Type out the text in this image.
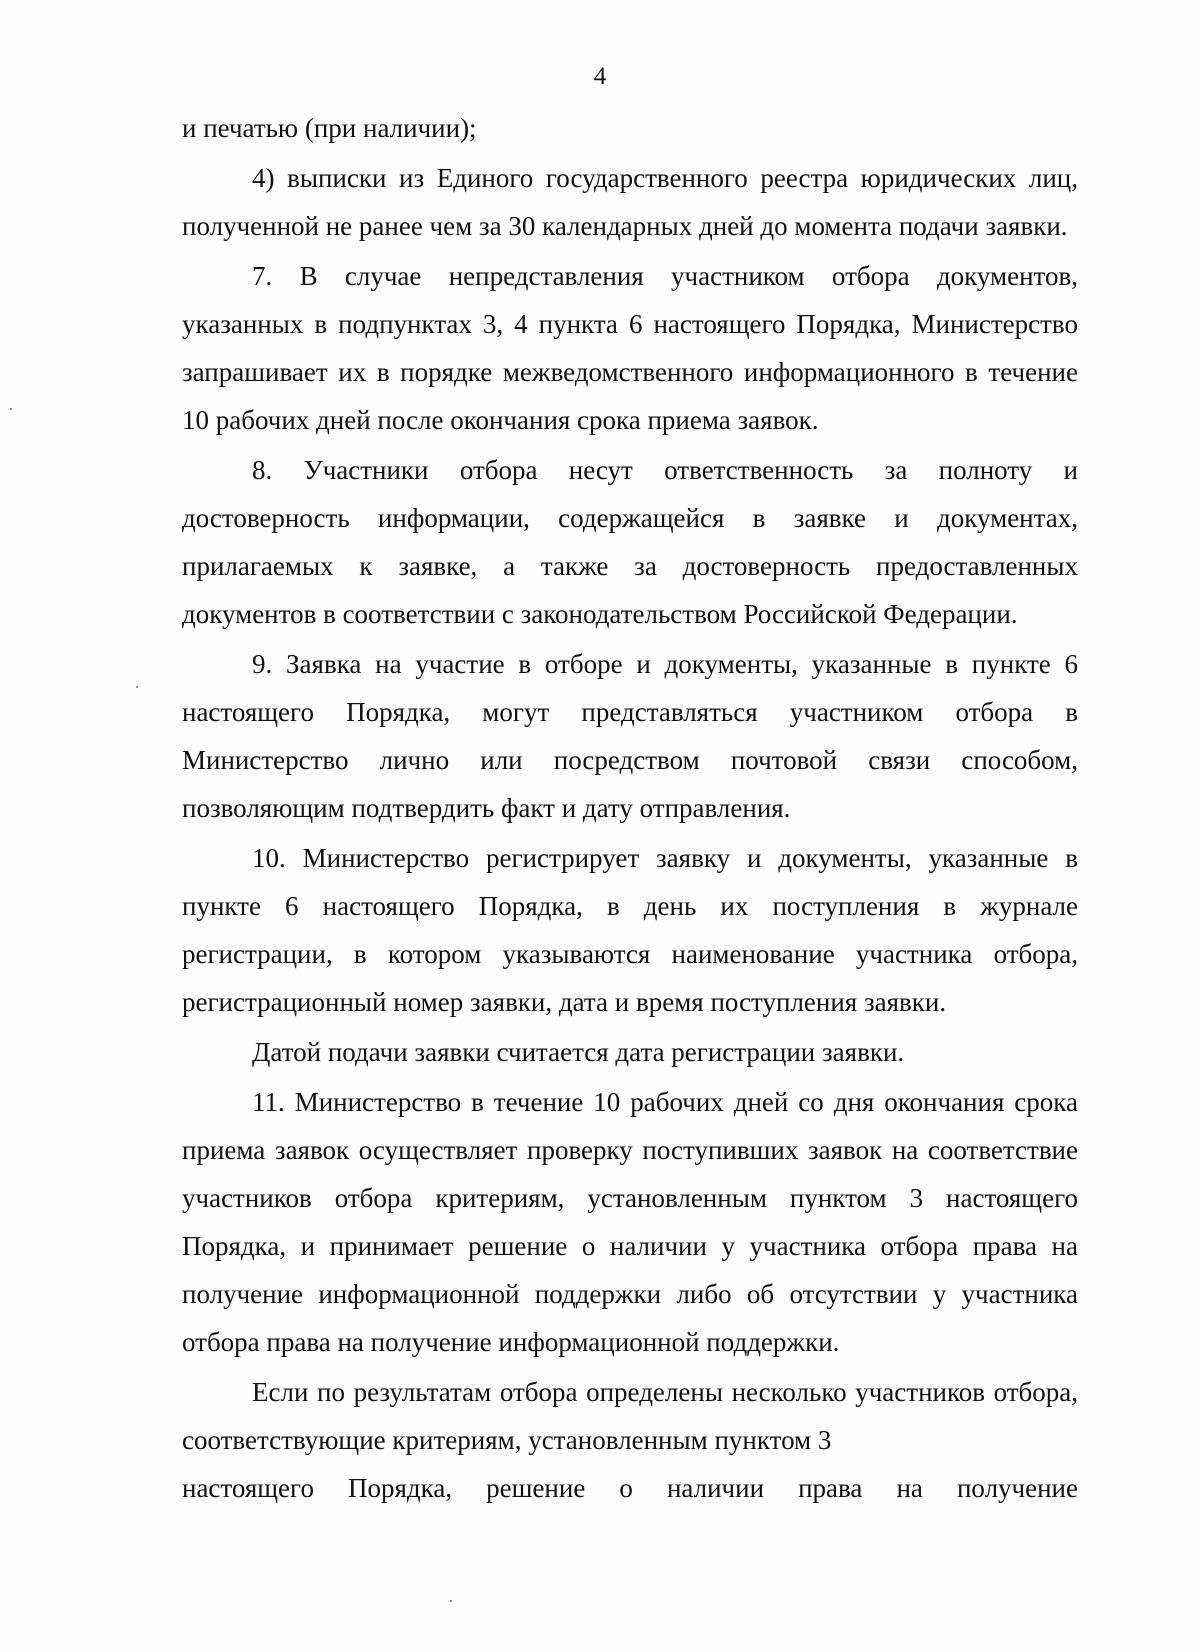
4

и печатью (при наличии);

4) выписки из Единого государственного реестра юридических лиц, полученной не ранее чем за 30 календарных дней до момента подачи заявки.

7. В случае непредставления участником отбора документов, указанных в подпунктах 3, 4 пункта 6 настоящего Порядка, Министерство запрашивает их в порядке межведомственного информационного в течение 10 рабочих дней после окончания срока приема заявок.

8. Участники отбора несут ответственность за полноту и достоверность информации, содержащейся в заявке и документах, прилагаемых к заявке, а также за достоверность предоставленных документов в соответствии с законодательством Российской Федерации.

9. Заявка на участие в отборе и документы, указанные в пункте 6 настоящего Порядка, могут представляться участником отбора в Министерство лично или посредством почтовой связи способом, позволяющим подтвердить факт и дату отправления.

10. Министерство регистрирует заявку и документы, указанные в пункте 6 настоящего Порядка, в день их поступления в журнале регистрации, в котором указываются наименование участника отбора, регистрационный номер заявки, дата и время поступления заявки.

Датой подачи заявки считается дата регистрации заявки.

11. Министерство в течение 10 рабочих дней со дня окончания срока приема заявок осуществляет проверку поступивших заявок на соответствие участников отбора критериям, установленным пунктом 3 настоящего Порядка, и принимает решение о наличии у участника отбора права на получение информационной поддержки либо об отсутствии у участника отбора права на получение информационной поддержки.

Если по результатам отбора определены несколько участников отбора, соответствующие критериям, установленным пунктом 3

настоящего Порядка, решение о наличии права на получение
